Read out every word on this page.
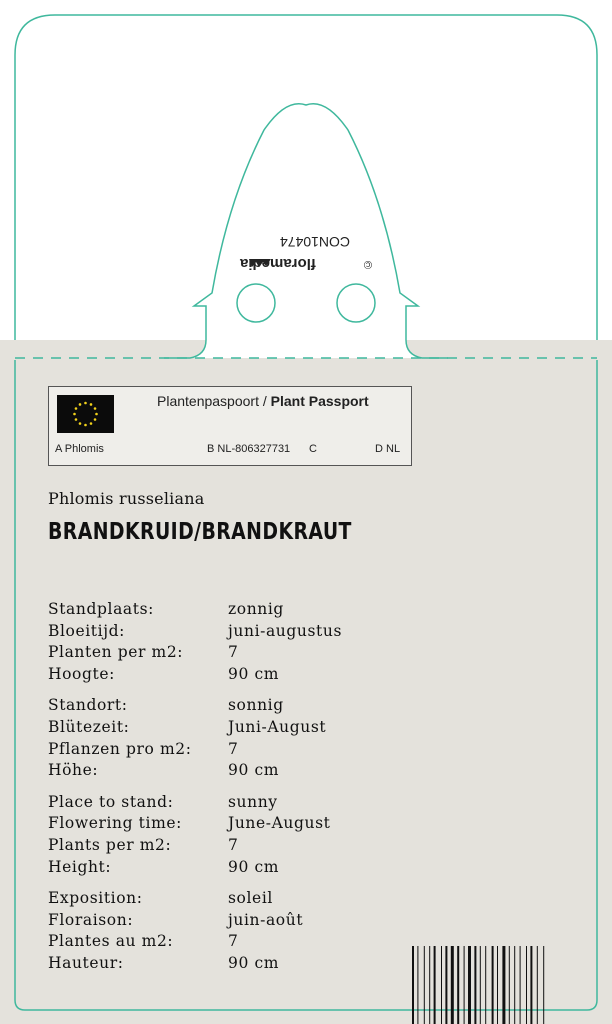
©
floramedia
CON10474
Plantenpaspoort / Plant Passport
A Phlomis	B NL-806327731 C	D NL
Phlomis russeliana
BRANDKRUID/BRANDKRAUT
Standplaats:	zonnig
Bloeitijd:	juni-augustus
Planten per m2:	7
Hoogte:	90 cm
Standort:	sonnig
Blütezeit:	Juni-August
Pflanzen pro m2:	7
Höhe:	90 cm
Place to stand:	sunny
Flowering time:	June-August
Plants per m2:	7
Height:	90 cm
Exposition:	soleil
Floraison:	juin-août
Plantes au m2:	7
Hauteur:	90 cm
